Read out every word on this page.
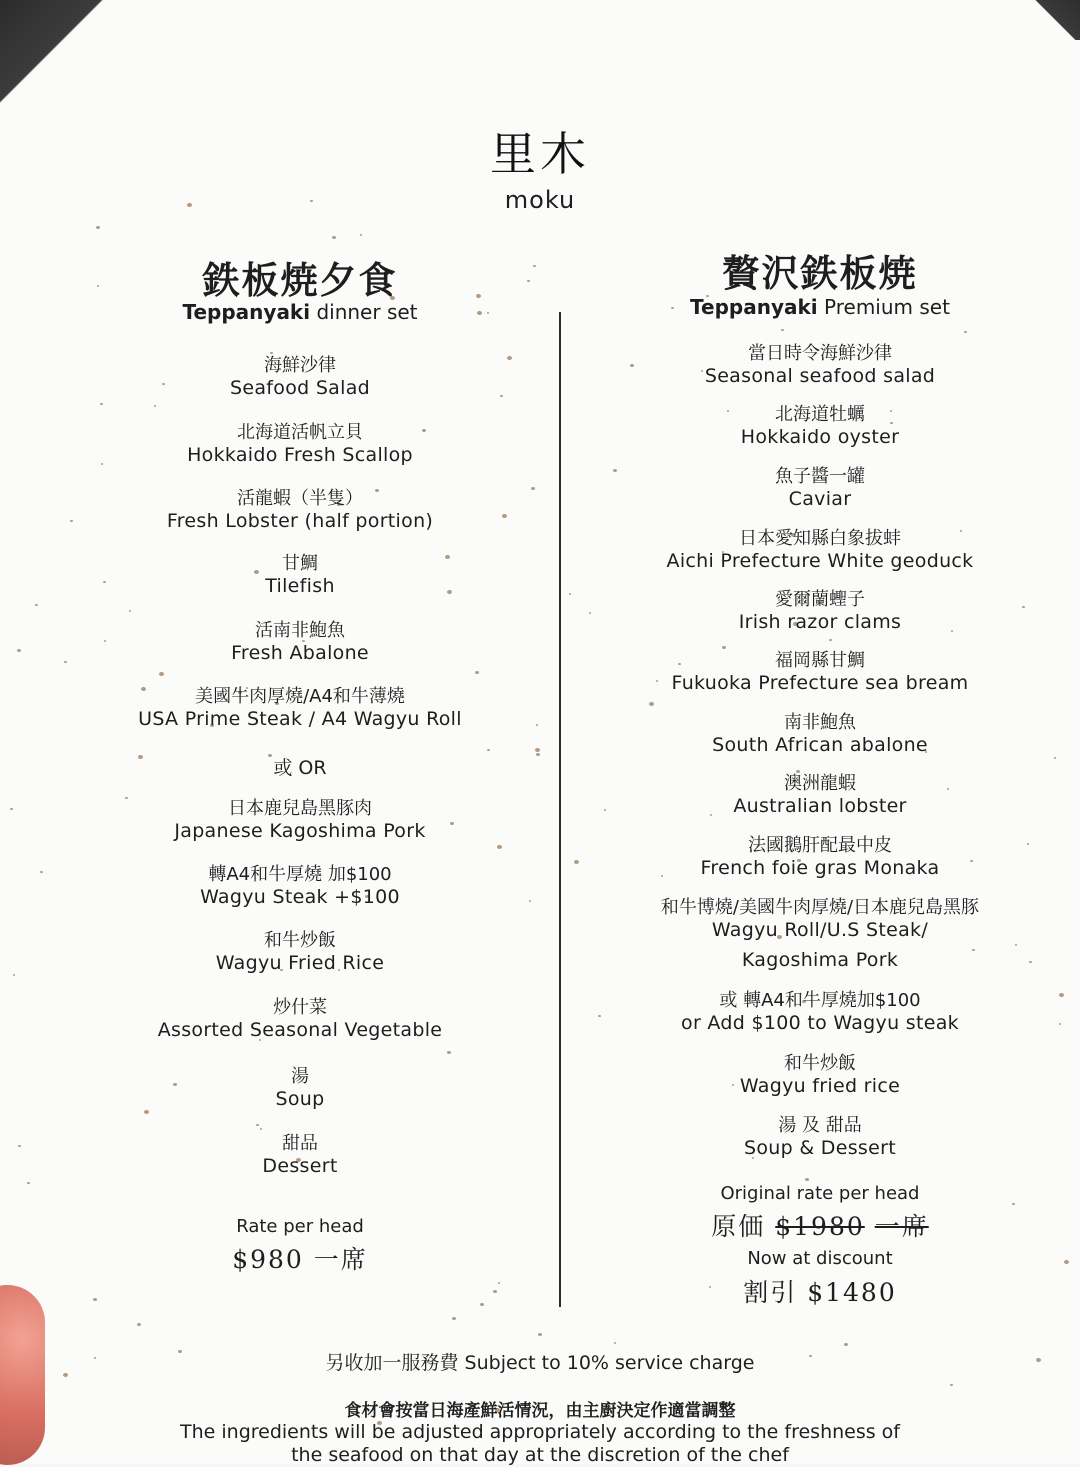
里木
moku
鉄板焼夕食
Teppanyaki dinner set
海鮮沙律
Seafood Salad
北海道活帆立貝
Hokkaido Fresh Scallop
活龍蝦（半隻）
Fresh Lobster (half portion)
甘鯛
Tilefish
活南非鮑魚
Fresh Abalone
美國牛肉厚燒/A4和牛薄燒
USA Prime Steak / A4 Wagyu Roll
或 OR
日本鹿兒島黑豚肉
Japanese Kagoshima Pork
轉A4和牛厚燒 加$100
Wagyu Steak +$100
和牛炒飯
Wagyu Fried Rice
炒什菜
Assorted Seasonal Vegetable
湯
Soup
甜品
Dessert
Rate per head
$980 一席
贅沢鉄板焼
Teppanyaki Premium set
當日時令海鮮沙律
Seasonal seafood salad
北海道牡蠣
Hokkaido oyster
魚子醬一罐
Caviar
日本愛知縣白象拔蚌
Aichi Prefecture White geoduck
愛爾蘭蟶子
Irish razor clams
福岡縣甘鯛
Fukuoka Prefecture sea bream
南非鮑魚
South African abalone
澳洲龍蝦
Australian lobster
法國鵝肝配最中皮
French foie gras Monaka
和牛博燒/美國牛肉厚燒/日本鹿兒島黑豚
Wagyu Roll/U.S Steak/
Kagoshima Pork
或 轉A4和牛厚燒加$100
or Add $100 to Wagyu steak
和牛炒飯
Wagyu fried rice
湯 及 甜品
Soup & Dessert
Original rate per head
原価 $1980 一席
Now at discount
割引 $1480
另收加一服務費 Subject to 10% service charge
食材會按當日海產鮮活情況，由主廚決定作適當調整
The ingredients will be adjusted appropriately according to the freshness of
the seafood on that day at the discretion of the chef
